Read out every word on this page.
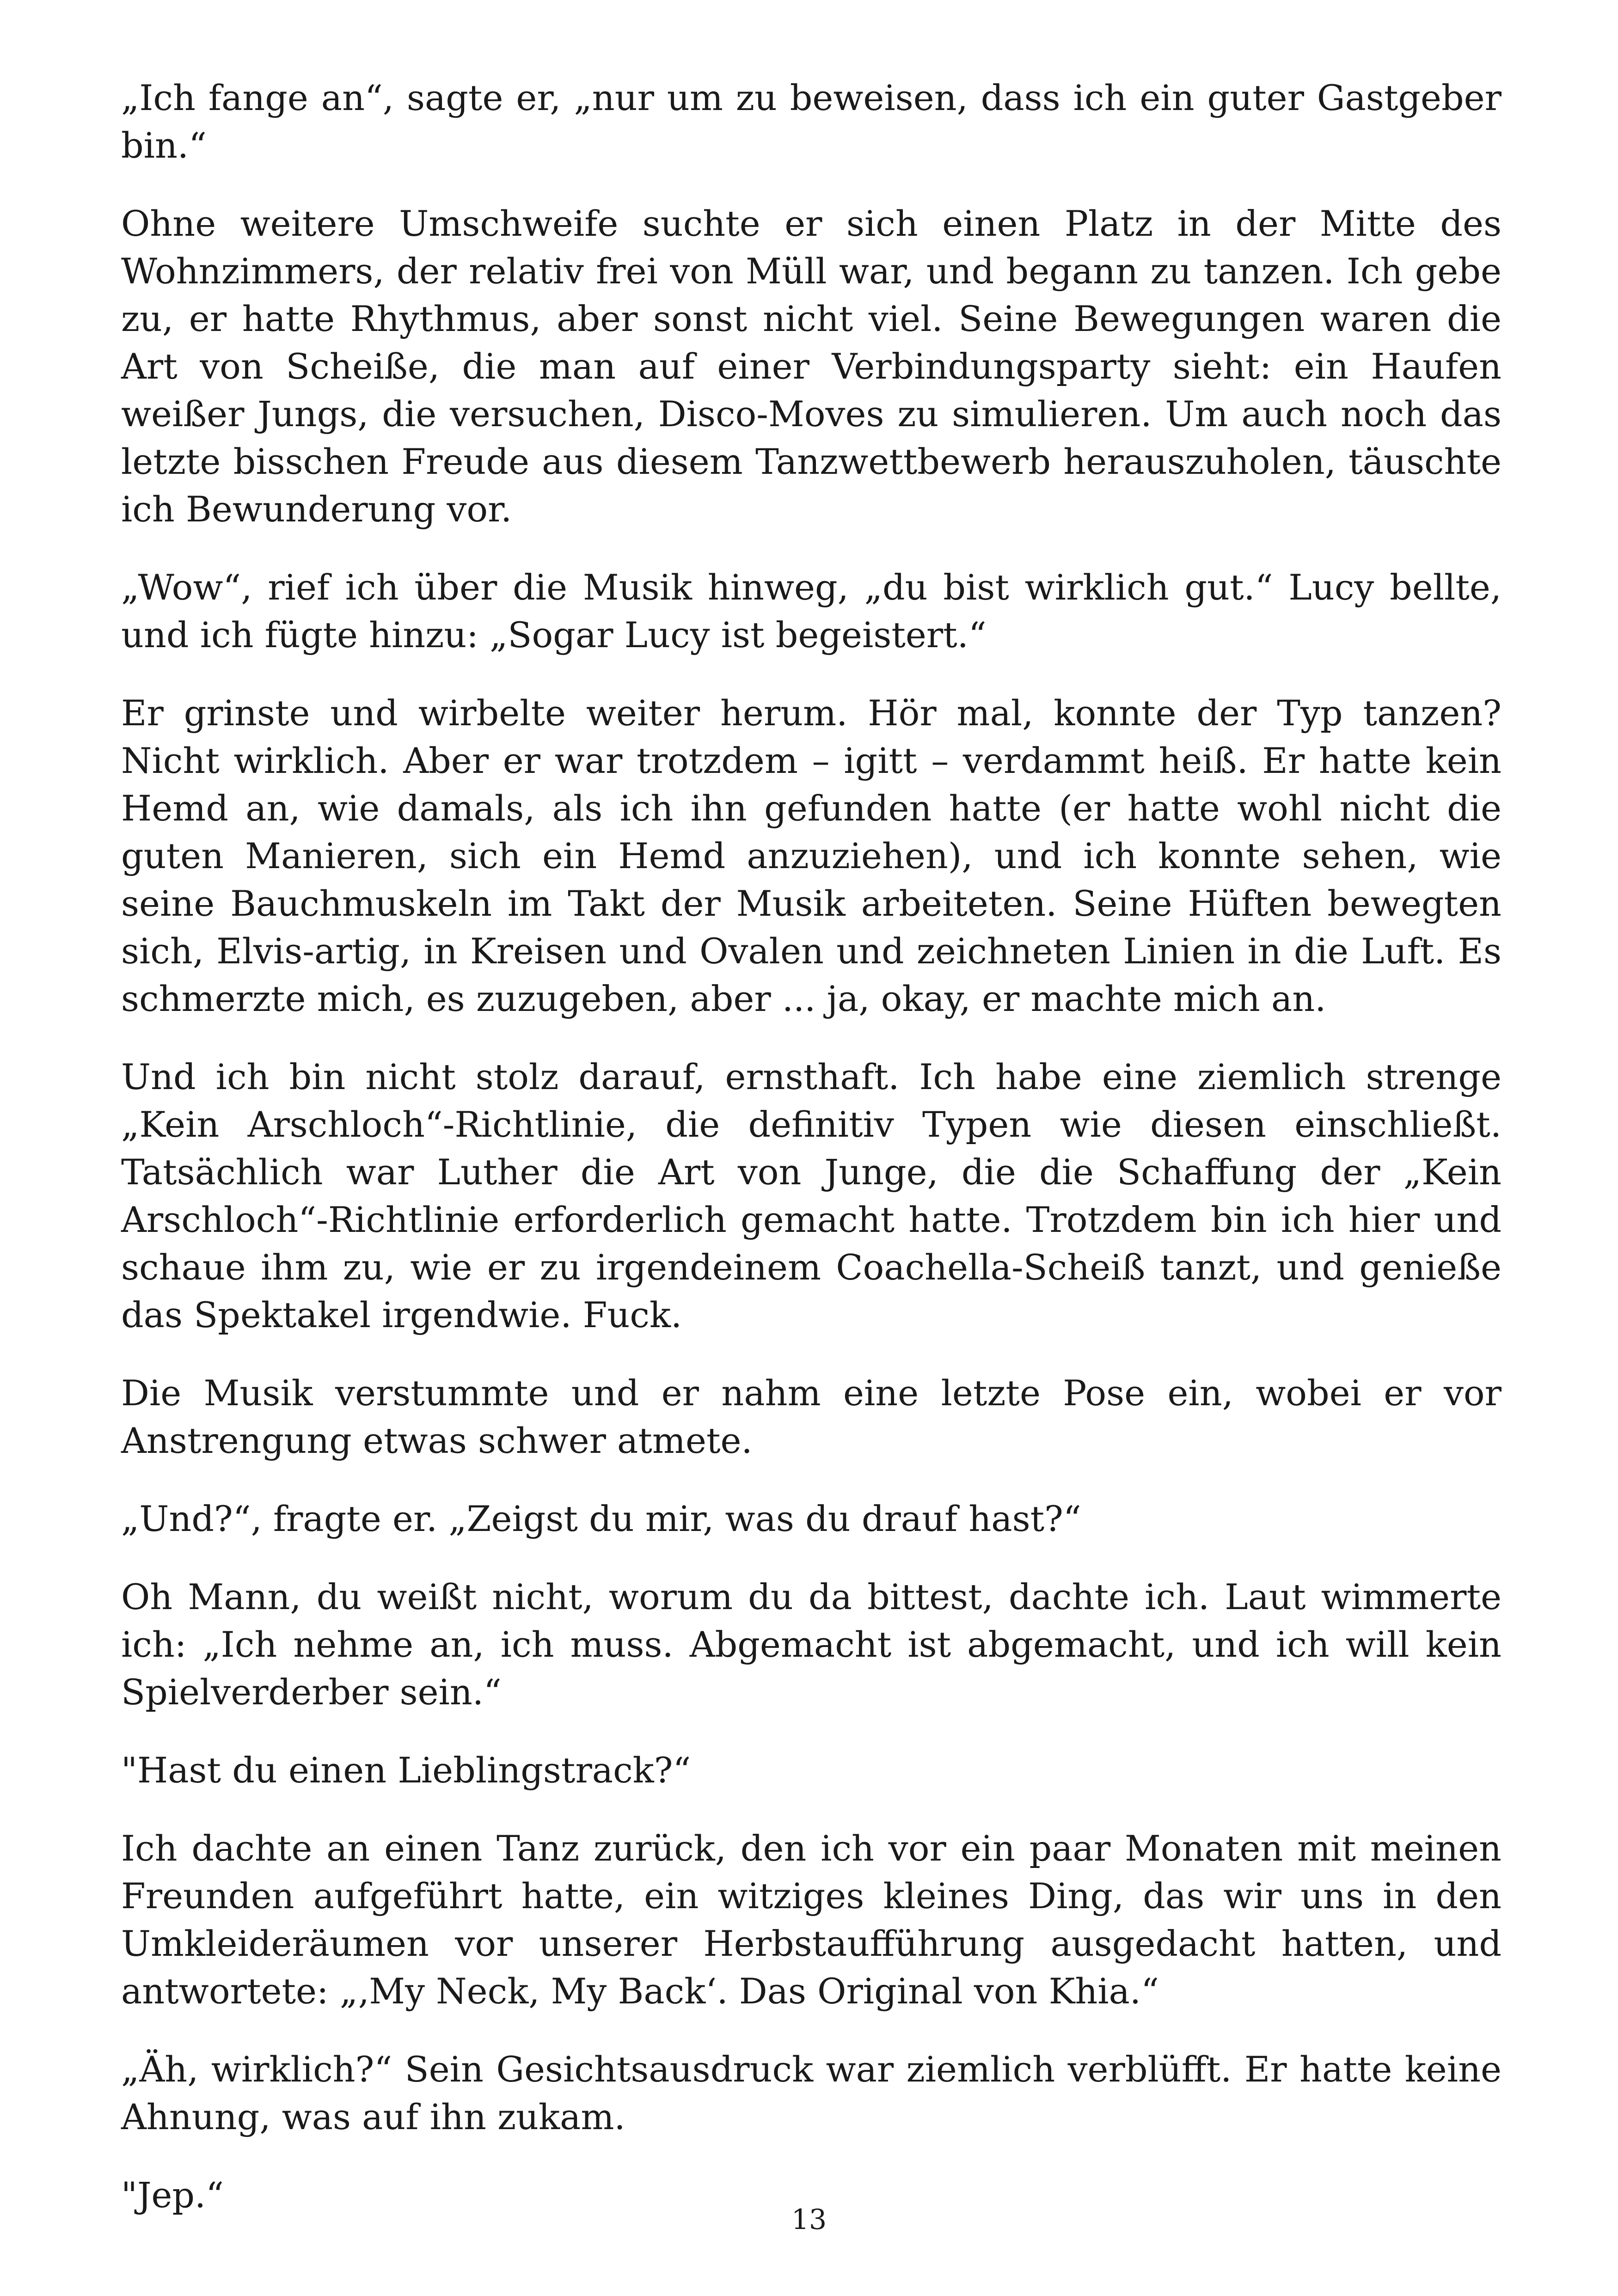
„Ich fange an“, sagte er, „nur um zu beweisen, dass ich ein guter Gastgeber bin.“

Ohne weitere Umschweife suchte er sich einen Platz in der Mitte des Wohnzimmers, der relativ frei von Müll war, und begann zu tanzen. Ich gebe zu, er hatte Rhythmus, aber sonst nicht viel. Seine Bewegungen waren die Art von Scheiße, die man auf einer Verbindungsparty sieht: ein Haufen weißer Jungs, die versuchen, Disco-Moves zu simulieren. Um auch noch das letzte bisschen Freude aus diesem Tanzwettbewerb herauszuholen, täuschte ich Bewunderung vor.

„Wow“, rief ich über die Musik hinweg, „du bist wirklich gut.“ Lucy bellte, und ich fügte hinzu: „Sogar Lucy ist begeistert.“

Er grinste und wirbelte weiter herum. Hör mal, konnte der Typ tanzen? Nicht wirklich. Aber er war trotzdem – igitt – verdammt heiß. Er hatte kein Hemd an, wie damals, als ich ihn gefunden hatte (er hatte wohl nicht die guten Manieren, sich ein Hemd anzuziehen), und ich konnte sehen, wie seine Bauchmuskeln im Takt der Musik arbeiteten. Seine Hüften bewegten sich, Elvis-artig, in Kreisen und Ovalen und zeichneten Linien in die Luft. Es schmerzte mich, es zuzugeben, aber ... ja, okay, er machte mich an.

Und ich bin nicht stolz darauf, ernsthaft. Ich habe eine ziemlich strenge „Kein Arschloch“-Richtlinie, die definitiv Typen wie diesen einschließt. Tatsächlich war Luther die Art von Junge, die die Schaffung der „Kein Arschloch“-Richtlinie erforderlich gemacht hatte. Trotzdem bin ich hier und schaue ihm zu, wie er zu irgendeinem Coachella-Scheiß tanzt, und genieße das Spektakel irgendwie. Fuck.

Die Musik verstummte und er nahm eine letzte Pose ein, wobei er vor Anstrengung etwas schwer atmete.

„Und?“, fragte er. „Zeigst du mir, was du drauf hast?“

Oh Mann, du weißt nicht, worum du da bittest, dachte ich. Laut wimmerte ich: „Ich nehme an, ich muss. Abgemacht ist abgemacht, und ich will kein Spielverderber sein.“

"Hast du einen Lieblingstrack?“

Ich dachte an einen Tanz zurück, den ich vor ein paar Monaten mit meinen Freunden aufgeführt hatte, ein witziges kleines Ding, das wir uns in den Umkleideräumen vor unserer Herbstaufführung ausgedacht hatten, und antwortete: „‚My Neck, My Back‘. Das Original von Khia.“

„Äh, wirklich?“ Sein Gesichtsausdruck war ziemlich verblüfft. Er hatte keine Ahnung, was auf ihn zukam.

"Jep.“

13
